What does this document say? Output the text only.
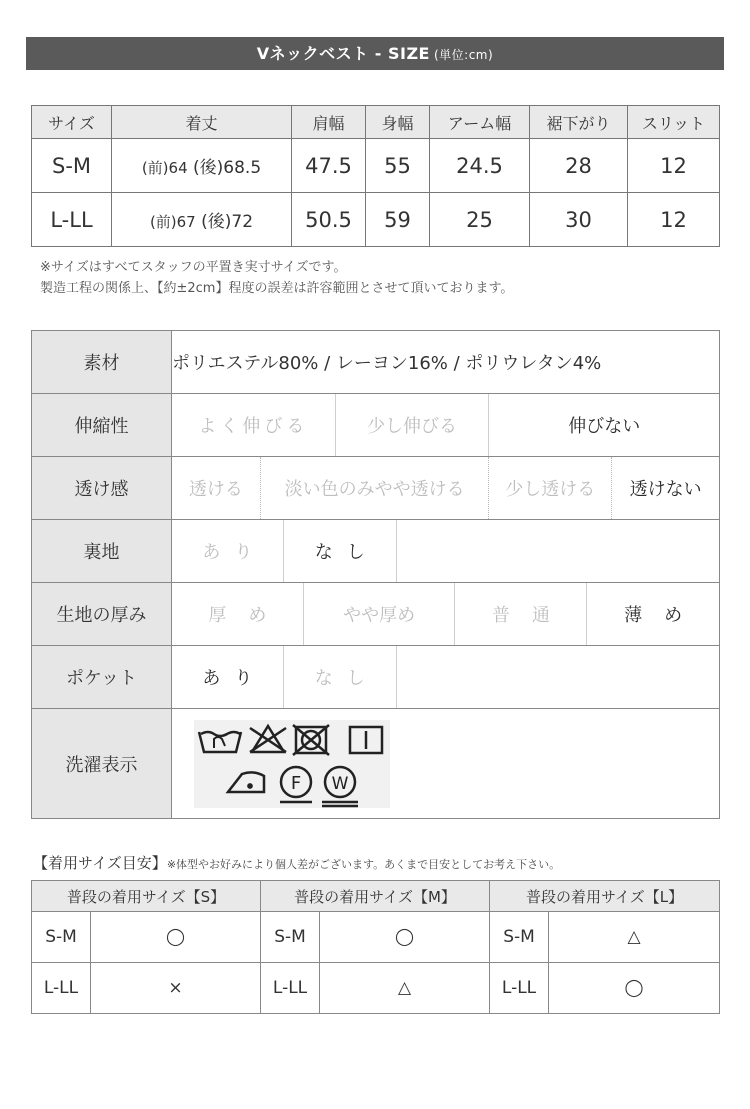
Vネックベスト - SIZE (単位:cm)
サイズ	着丈	肩幅	身幅	アーム幅	裾下がり	スリット
S-M	(前)64 (後)68.5	47.5	55	24.5	28	12
L-LL	(前)67 (後)72	50.5	59	25	30	12
※サイズはすべてスタッフの平置き実寸サイズです。
製造工程の関係上、【約±2cm】程度の誤差は許容範囲とさせて頂いております。
素材	ポリエステル80% / レーヨン16% / ポリウレタン4%
伸縮性	よく伸びる 少し伸びる 伸びない

透け感	透ける 淡い色のみやや透ける 少し透ける 透けない

裏地	あり なし

生地の厚み	厚め やや厚め 普通 薄め

ポケット	あり なし

洗濯表示	F W
【着用サイズ目安】※体型やお好みにより個人差がございます。あくまで目安としてお考え下さい。
普段の着用サイズ【S】		普段の着用サイズ【M】		普段の着用サイズ【L】	
S-M	◯	S-M	◯	S-M	△
L-LL	×	L-LL	△	L-LL	◯
